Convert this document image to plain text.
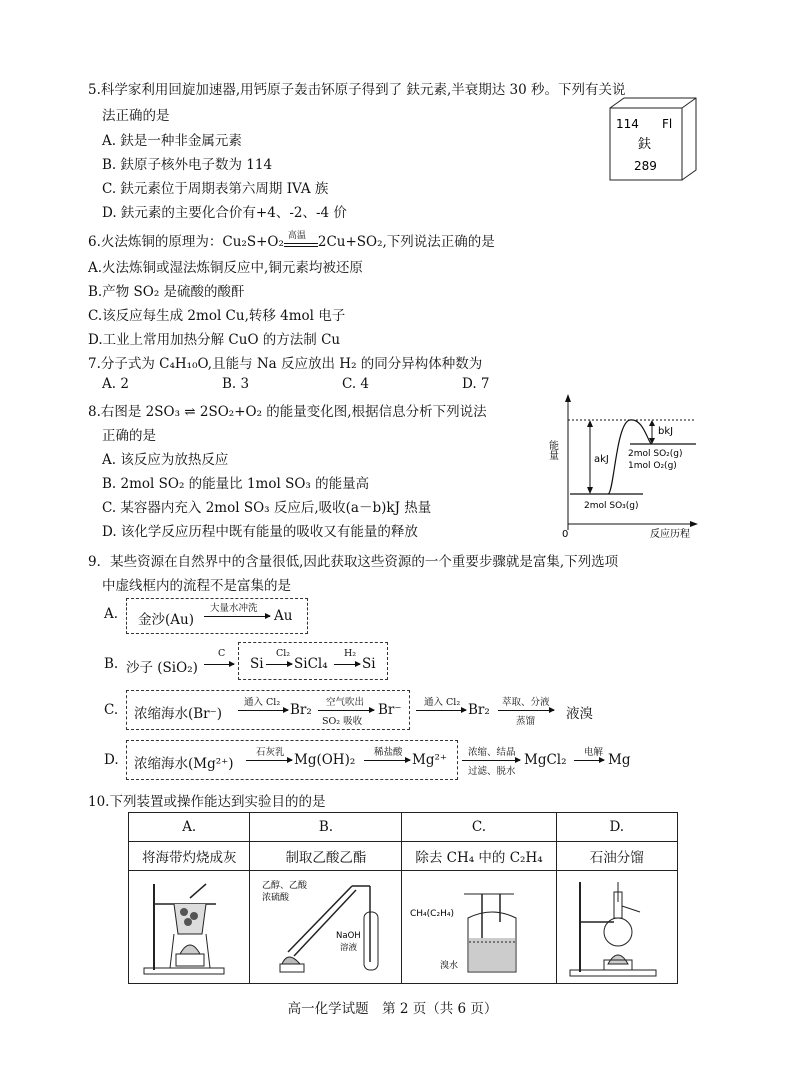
5.科学家利用回旋加速器,用钙原子轰击钚原子得到了 鈇元素,半衰期达 30 秒。下列有关说
法正确的是
A. 鈇是一种非金属元素
B. 鈇原子核外电子数为 114
C. 鈇元素位于周期表第六周期 IVA 族
D. 鈇元素的主要化合价有+4、-2、-4 价
114 Fl
鈇
289
6.火法炼铜的原理为：Cu₂S+O₂ 高温 2Cu+SO₂,下列说法正确的是
A.火法炼铜或湿法炼铜反应中,铜元素均被还原
B.产物 SO₂ 是硫酸的酸酐
C.该反应每生成 2mol Cu,转移 4mol 电子
D.工业上常用加热分解 CuO 的方法制 Cu
7.分子式为 C₄H₁₀O,且能与 Na 反应放出 H₂ 的同分异构体种数为
A. 2	B. 3	C. 4	D. 7
8.右图是 2SO₃ ⇌ 2SO₂+O₂ 的能量变化图,根据信息分析下列说法
正确的是
A. 该反应为放热反应
B. 2mol SO₂ 的能量比 1mol SO₃ 的能量高
C. 某容器内充入 2mol SO₃ 反应后,吸收(a－b)kJ 热量
D. 该化学反应历程中既有能量的吸收又有能量的释放
能量
0	反应历程
akJ
bkJ
2mol SO₂(g)
1mol O₂(g)
2mol SO₃(g)
9．某些资源在自然界中的含量很低,因此获取这些资源的一个重要步骤就是富集,下列选项
中虚线框内的流程不是富集的是
A. 金沙(Au)
大量水冲洗 Au
B. 沙子 (SiO₂)
C
Si
Cl₂
SiCl₄
H₂
Si
C. 浓缩海水(Br⁻)
通入 Cl₂ Br₂ 空气吹出
SO₂ 吸收
Br⁻ 通入 Cl₂ Br₂ 萃取、分液
蒸馏 液溴
D. 浓缩海水(Mg²⁺)
石灰乳 Mg(OH)₂ 稀盐酸 Mg²⁺ 浓缩、结晶
过滤、脱水
MgCl₂ 电解 Mg
10.下列装置或操作能达到实验目的的是
A.	B.	C.	D.
将海带灼烧成灰	制取乙酸乙酯	除去 CH₄ 中的 C₂H₄	石油分馏

乙醇、乙酸
浓硫酸
NaOH
溶液	CH₄(C₂H₄)
溴水

高一化学试题　第 2 页（共 6 页）
